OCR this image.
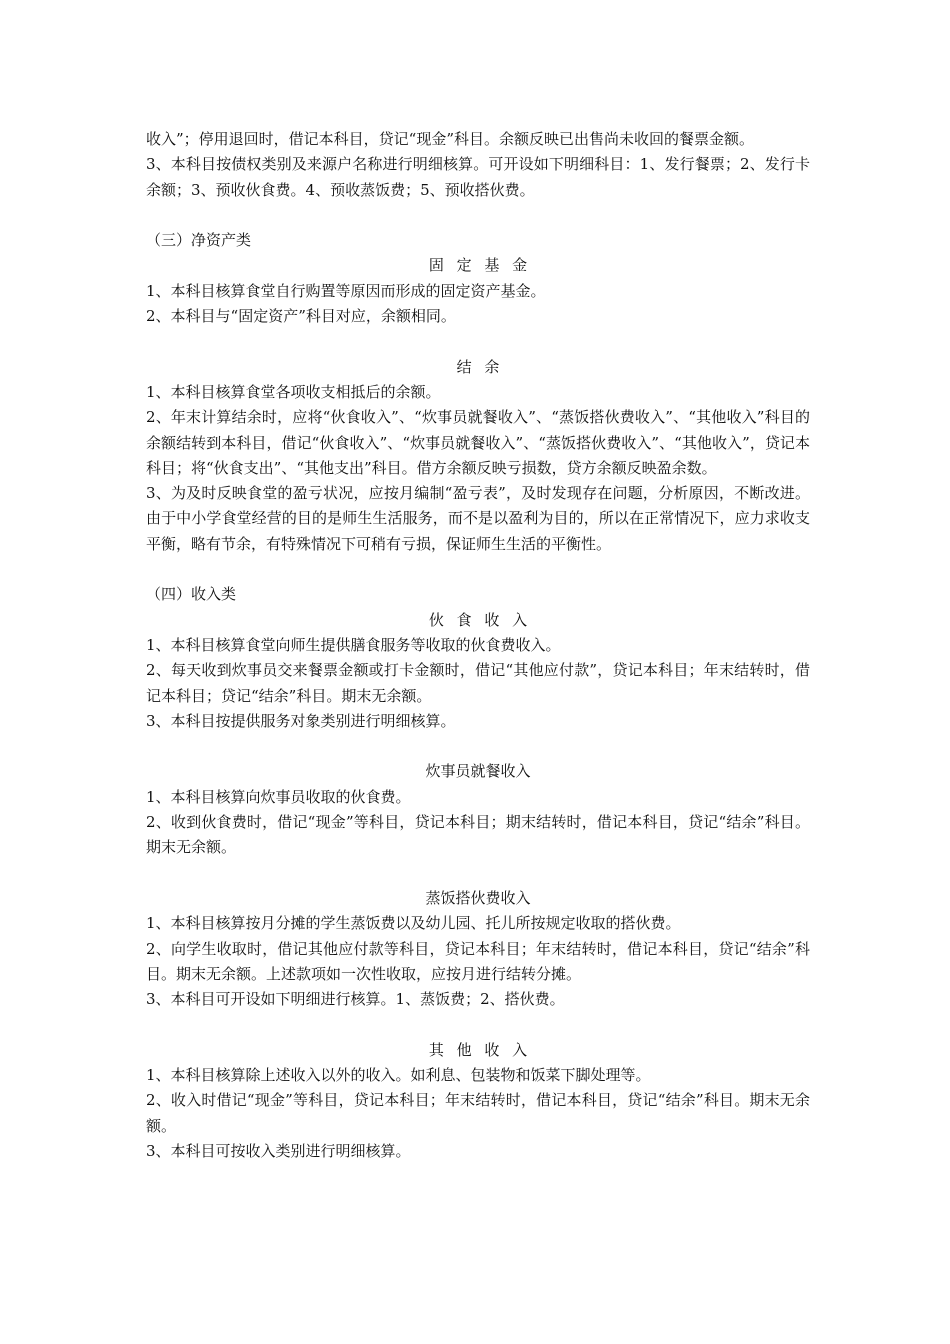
收入”；停用退回时，借记本科目，贷记“现金”科目。余额反映已出售尚未收回的餐票金额。

3、本科目按债权类别及来源户名称进行明细核算。可开设如下明细科目：1、发行餐票；2、发行卡余额；3、预收伙食费。4、预收蒸饭费；5、预收搭伙费。

（三）净资产类

固定基金

1、本科目核算食堂自行购置等原因而形成的固定资产基金。

2、本科目与“固定资产”科目对应，余额相同。

结余

1、本科目核算食堂各项收支相抵后的余额。

2、年末计算结余时，应将“伙食收入”、“炊事员就餐收入”、“蒸饭搭伙费收入”、“其他收入”科目的余额结转到本科目，借记“伙食收入”、“炊事员就餐收入”、“蒸饭搭伙费收入”、“其他收入”，贷记本科目；将“伙食支出”、“其他支出”科目。借方余额反映亏损数，贷方余额反映盈余数。

3、为及时反映食堂的盈亏状况，应按月编制“盈亏表”，及时发现存在问题，分析原因，不断改进。由于中小学食堂经营的目的是师生生活服务，而不是以盈利为目的，所以在正常情况下，应力求收支平衡，略有节余，有特殊情况下可稍有亏损，保证师生生活的平衡性。

（四）收入类

伙食收入

1、本科目核算食堂向师生提供膳食服务等收取的伙食费收入。

2、每天收到炊事员交来餐票金额或打卡金额时，借记“其他应付款”，贷记本科目；年末结转时，借记本科目；贷记“结余”科目。期末无余额。

3、本科目按提供服务对象类别进行明细核算。

炊事员就餐收入

1、本科目核算向炊事员收取的伙食费。

2、收到伙食费时，借记“现金”等科目，贷记本科目；期末结转时，借记本科目，贷记“结余”科目。期末无余额。

蒸饭搭伙费收入

1、本科目核算按月分摊的学生蒸饭费以及幼儿园、托儿所按规定收取的搭伙费。

2、向学生收取时，借记其他应付款等科目，贷记本科目；年末结转时，借记本科目，贷记“结余”科目。期末无余额。上述款项如一次性收取，应按月进行结转分摊。

3、本科目可开设如下明细进行核算。1、蒸饭费；2、搭伙费。

其他收入

1、本科目核算除上述收入以外的收入。如利息、包装物和饭菜下脚处理等。

2、收入时借记“现金”等科目，贷记本科目；年末结转时，借记本科目，贷记“结余”科目。期末无余额。

3、本科目可按收入类别进行明细核算。
